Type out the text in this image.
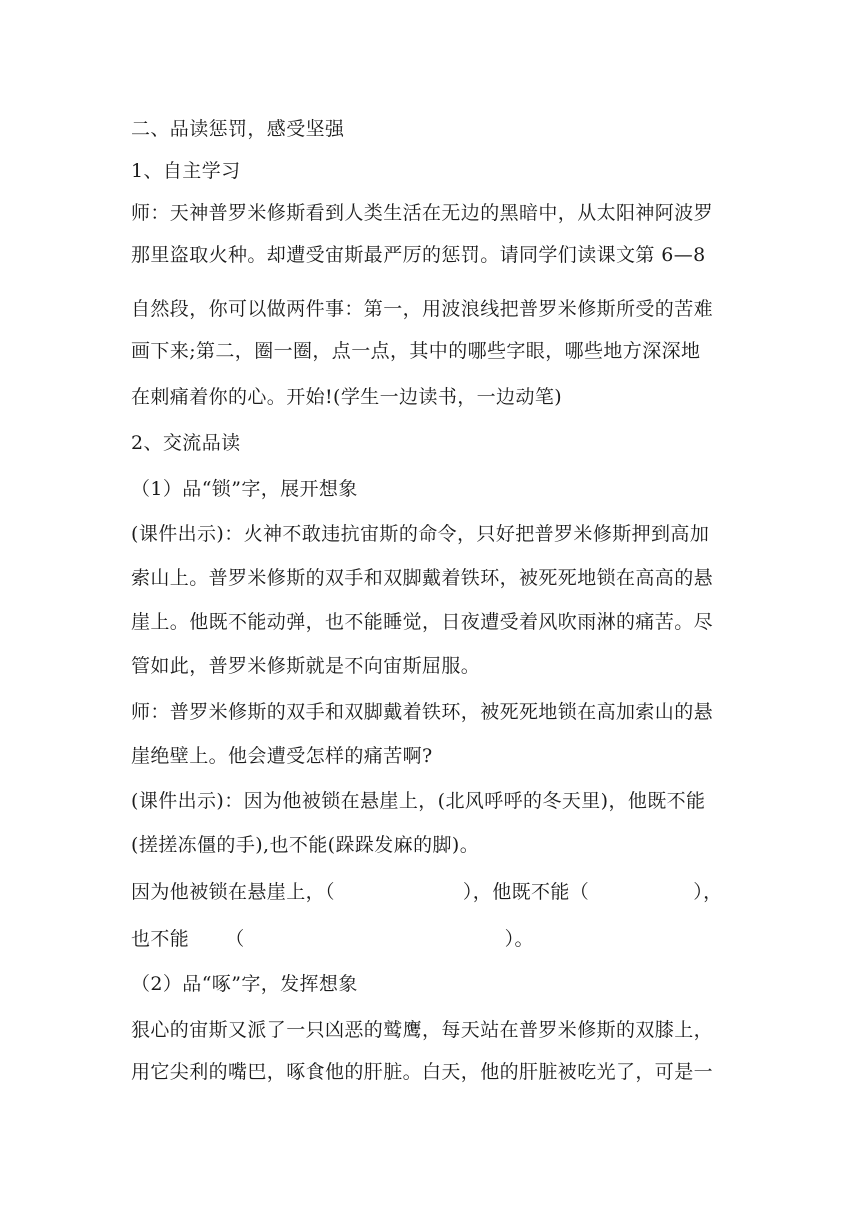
二、品读惩罚，感受坚强
1、自主学习
师：天神普罗米修斯看到人类生活在无边的黑暗中，从太阳神阿波罗
那里盗取火种。却遭受宙斯最严厉的惩罚。请同学们读课文第 6—8
自然段，你可以做两件事：第一，用波浪线把普罗米修斯所受的苦难
画下来;第二，圈一圈，点一点，其中的哪些字眼，哪些地方深深地
在刺痛着你的心。开始!(学生一边读书，一边动笔)
2、交流品读
（1）品“锁”字，展开想象
(课件出示)：火神不敢违抗宙斯的命令，只好把普罗米修斯押到高加
索山上。普罗米修斯的双手和双脚戴着铁环，被死死地锁在高高的悬
崖上。他既不能动弹，也不能睡觉，日夜遭受着风吹雨淋的痛苦。尽
管如此，普罗米修斯就是不向宙斯屈服。
师：普罗米修斯的双手和双脚戴着铁环，被死死地锁在高加索山的悬
崖绝壁上。他会遭受怎样的痛苦啊?
(课件出示)：因为他被锁在悬崖上，(北风呼呼的冬天里)，他既不能
(搓搓冻僵的手),也不能(跺跺发麻的脚)。
因为他被锁在悬崖上，（	），他既不能（	），
也不能 （	）。
（2）品“啄”字，发挥想象
狠心的宙斯又派了一只凶恶的鹫鹰，每天站在普罗米修斯的双膝上，
用它尖利的嘴巴，啄食他的肝脏。白天，他的肝脏被吃光了，可是一
